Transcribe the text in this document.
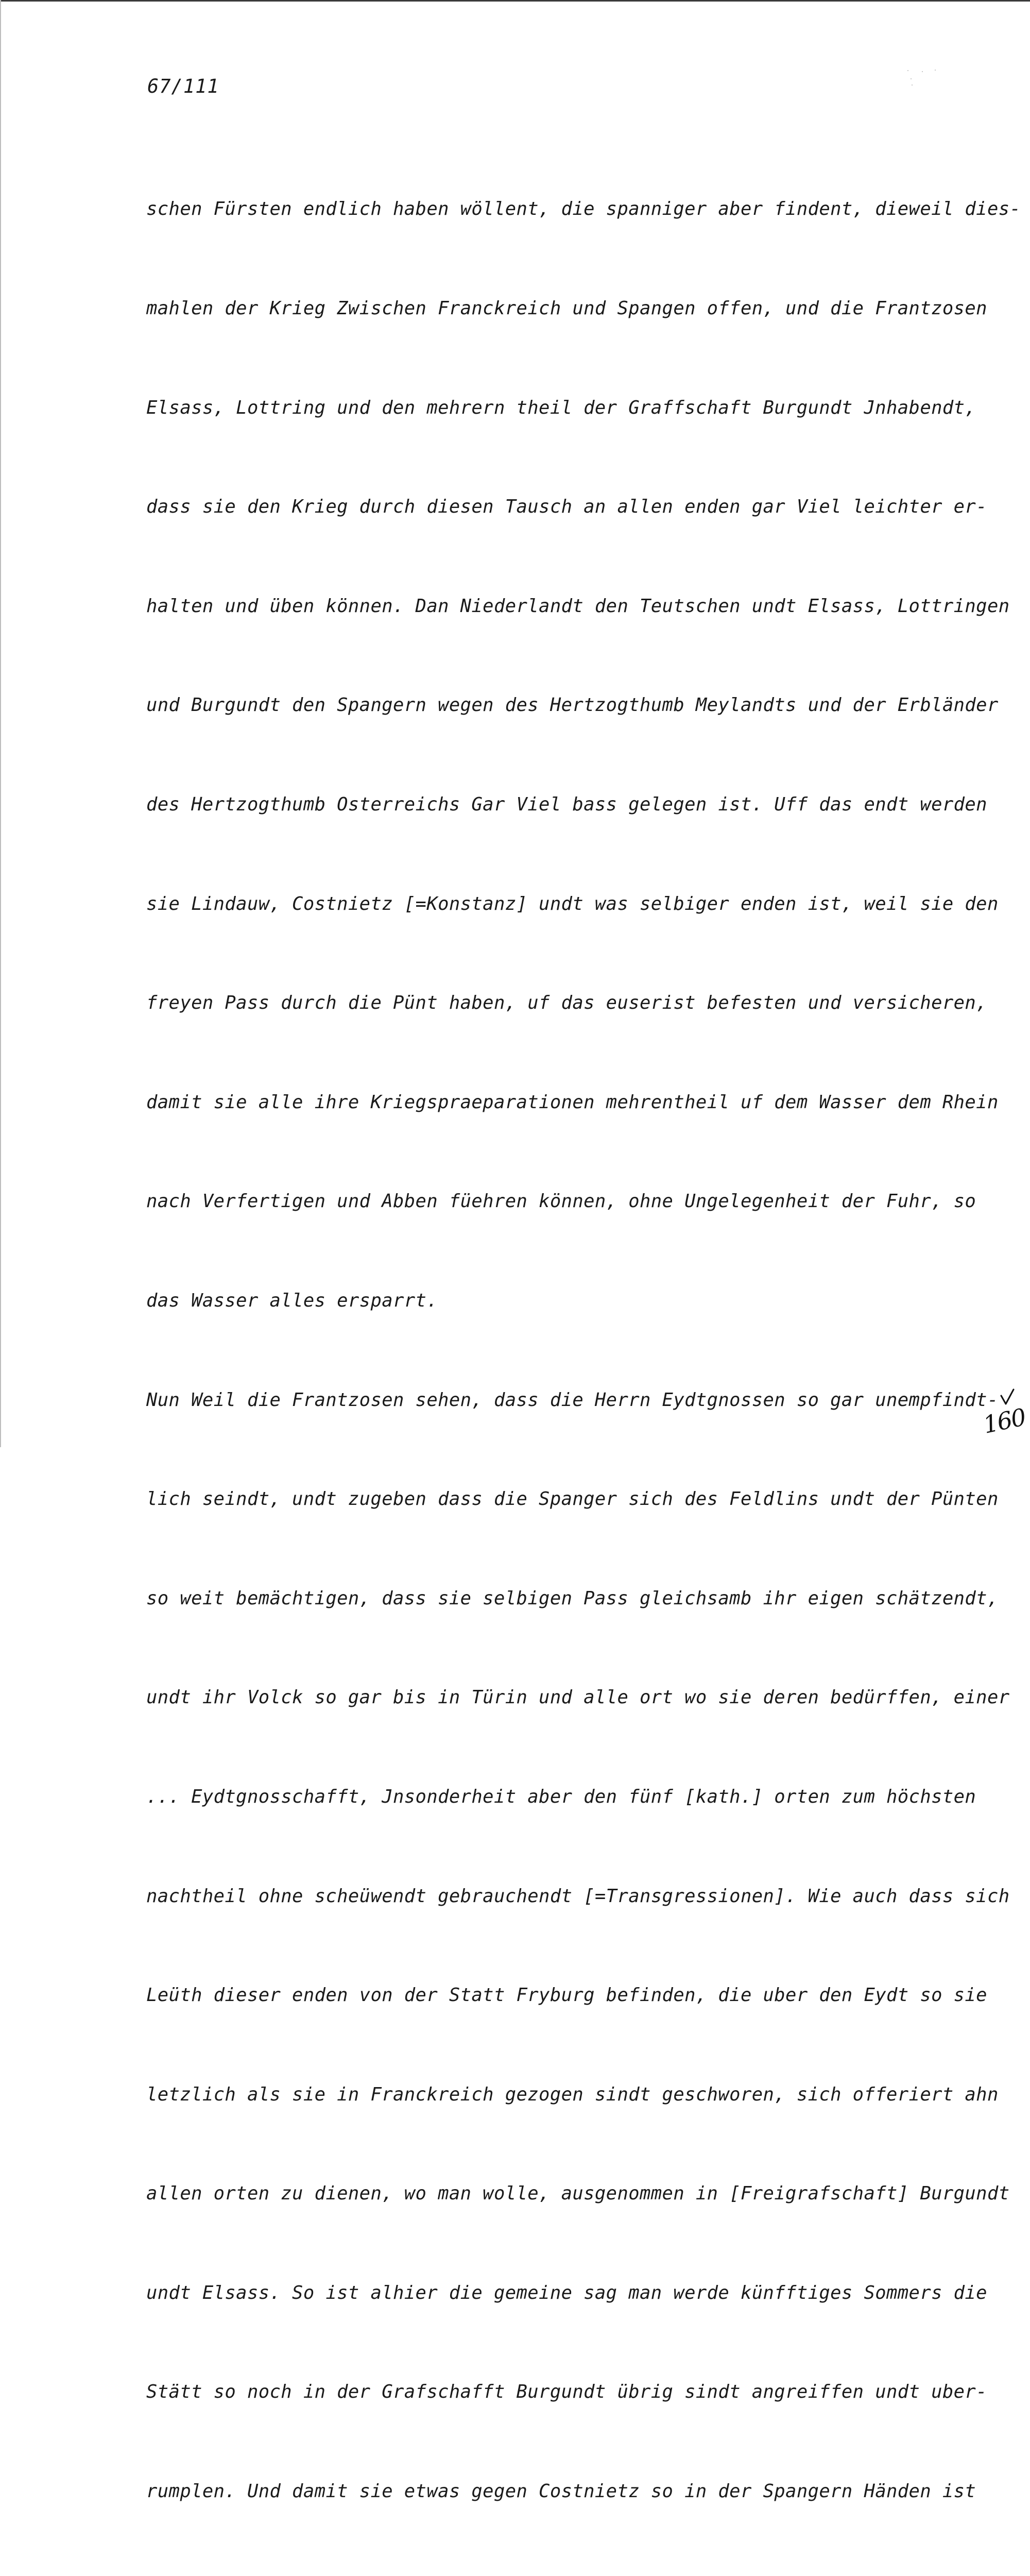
67/111

schen Fürsten endlich haben wöllent, die spanniger aber findent, dieweil dies-

mahlen der Krieg Zwischen Franckreich und Spangen offen, und die Frantzosen

Elsass, Lottring und den mehrern theil der Graffschaft Burgundt Jnhabendt,

dass sie den Krieg durch diesen Tausch an allen enden gar Viel leichter er-

halten und üben können. Dan Niederlandt den Teutschen undt Elsass, Lottringen

und Burgundt den Spangern wegen des Hertzogthumb Meylandts und der Erbländer

des Hertzogthumb Osterreichs Gar Viel bass gelegen ist. Uff das endt werden

sie Lindauw, Costnietz [=Konstanz] undt was selbiger enden ist, weil sie den

freyen Pass durch die Pünt haben, uf das euserist befesten und versicheren,

damit sie alle ihre Kriegspraeparationen mehrentheil uf dem Wasser dem Rhein

nach Verfertigen und Abben füehren können, ohne Ungelegenheit der Fuhr, so

das Wasser alles ersparrt.

Nun Weil die Frantzosen sehen, dass die Herrn Eydtgnossen so gar unempfindt-

lich seindt, undt zugeben dass die Spanger sich des Feldlins undt der Pünten

so weit bemächtigen, dass sie selbigen Pass gleichsamb ihr eigen schätzendt,

undt ihr Volck so gar bis in Türin und alle ort wo sie deren bedürffen, einer

... Eydtgnosschafft, Jnsonderheit aber den fünf [kath.] orten zum höchsten

nachtheil ohne scheüwendt gebrauchendt [=Transgressionen]. Wie auch dass sich

Leüth dieser enden von der Statt Fryburg befinden, die uber den Eydt so sie

letzlich als sie in Franckreich gezogen sindt geschworen, sich offeriert ahn

allen orten zu dienen, wo man wolle, ausgenommen in [Freigrafschaft] Burgundt

undt Elsass. So ist alhier die gemeine sag man werde künfftiges Sommers die

Stätt so noch in der Grafschafft Burgundt übrig sindt angreiffen undt uber-

rumplen. Und damit sie etwas gegen Costnietz so in der Spangern Händen ist

160
